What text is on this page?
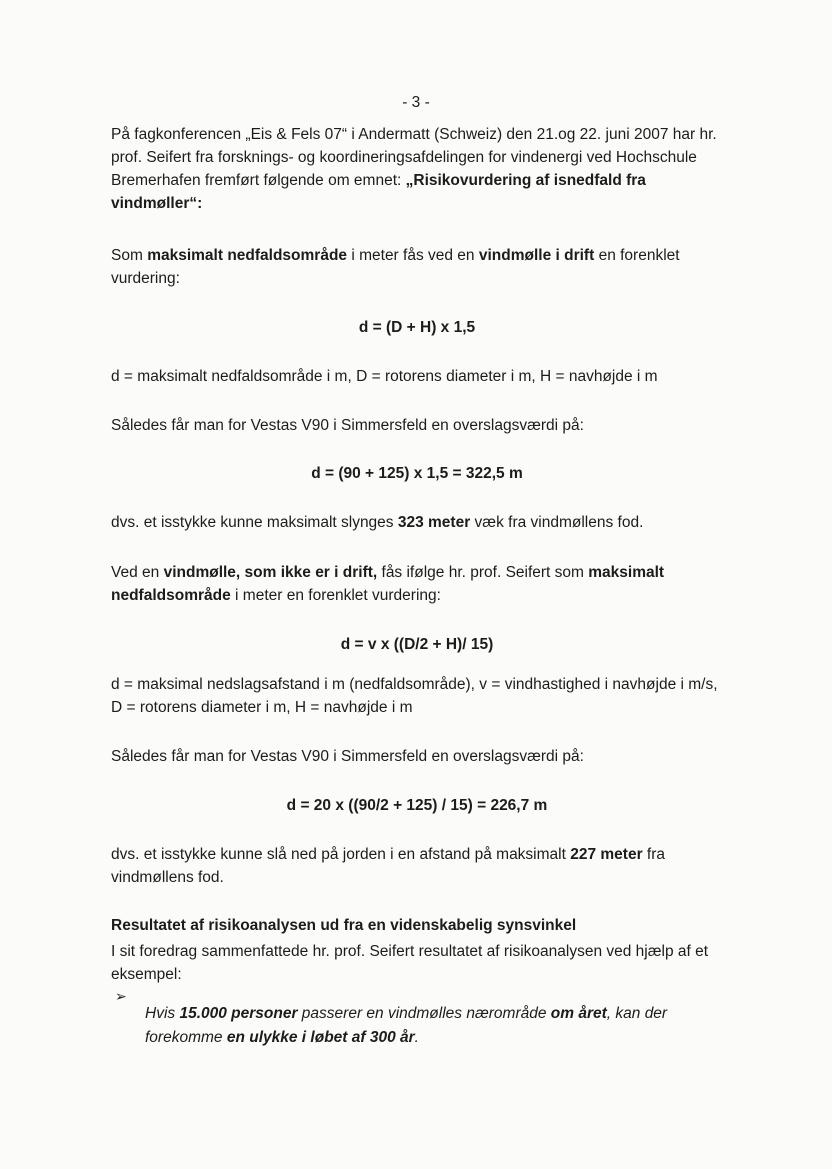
- 3 -

På fagkonferencen „Eis & Fels 07“ i Andermatt (Schweiz) den 21.og 22. juni 2007 har hr. prof. Seifert fra forsknings- og koordineringsafdelingen for vindenergi ved Hochschule Bremerhafen fremført følgende om emnet: „Risikovurdering af isnedfald fra vindmøller“:

Som maksimalt nedfaldsområde i meter fås ved en vindmølle i drift en forenklet vurdering:

d = (D + H) x 1,5

d = maksimalt nedfaldsområde i m, D = rotorens diameter i m, H = navhøjde i m

Således får man for Vestas V90 i Simmersfeld en overslagsværdi på:

d = (90 + 125) x 1,5 = 322,5 m

dvs. et isstykke kunne maksimalt slynges 323 meter væk fra vindmøllens fod.

Ved en vindmølle, som ikke er i drift, fås ifølge hr. prof. Seifert som maksimalt nedfaldsområde i meter en forenklet vurdering:

d = v x ((D/2 + H)/ 15)

d = maksimal nedslagsafstand i m (nedfaldsområde), v = vindhastighed i navhøjde i m/s, D = rotorens diameter i m, H = navhøjde i m

Således får man for Vestas V90 i Simmersfeld en overslagsværdi på:

d = 20 x ((90/2 + 125) / 15) = 226,7 m

dvs. et isstykke kunne slå ned på jorden i en afstand på maksimalt 227 meter fra vindmøllens fod.

Resultatet af risikoanalysen ud fra en videnskabelig synsvinkel

I sit foredrag sammenfattede hr. prof. Seifert resultatet af risikoanalysen ved hjælp af et eksempel:

➢

Hvis 15.000 personer passerer en vindmølles nærområde om året, kan der forekomme en ulykke i løbet af 300 år.
